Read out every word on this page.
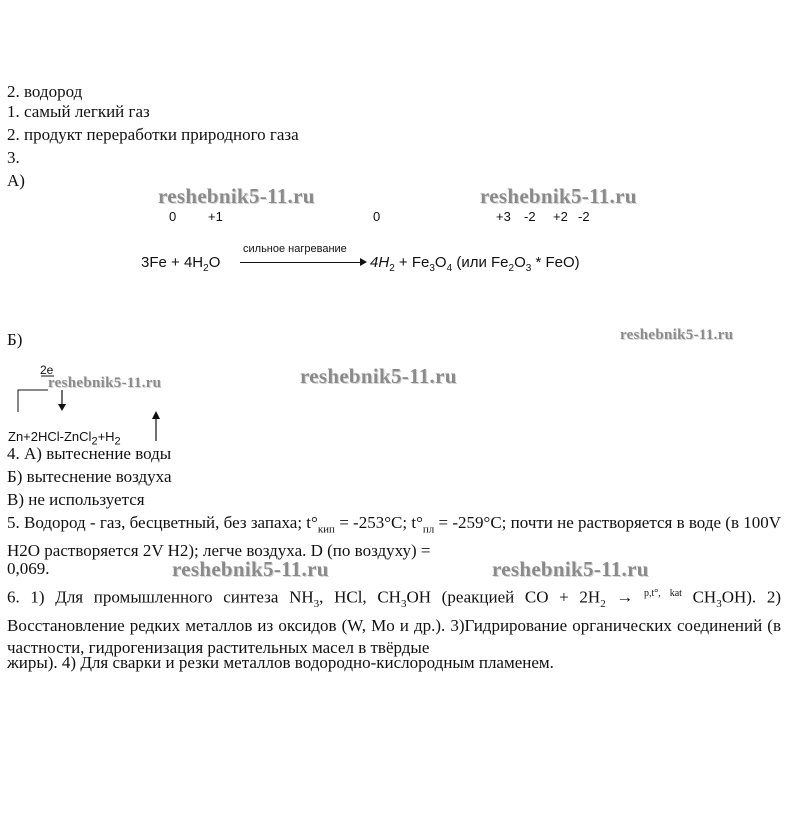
2. водород
1. самый легкий газ
2. продукт переработки природного газа
3.
А)
reshebnik5-11.ru	reshebnik5-11.ru
reshebnik5-11.ru
reshebnik5-11.ru
reshebnik5-11.ru
reshebnik5-11.ru	reshebnik5-11.ru
0 +1	0	+3 -2 +2 -2
сильное нагревание
$3Fe + 4H_2O$	$4H_2 + Fe_3O_4$ (или $Fe_2O_3 * FeO$)
Б)
2e
$Zn+2HCl-ZnCl_2+H_2$
4. А) вытеснение воды
Б) вытеснение воздуха
В) не используется
5. Водород - газ, бесцветный, без запаха; $t^\circ_{кип} = -253^\circ C$; $t^\circ_{пл} = -259^\circ C$; почти не растворяется в воде (в 100V H2O растворяется 2V H2); легче воздуха. D (по воздуху) =
0,069.
6. 1) Для промышленного синтеза $NH_3$, HCl, $CH_3OH$ (реакцией CO + $2H_2 \to ^{p,t^\circ, kat}$ $CH_3OH$). 2) Восстановление редких металлов из оксидов (W, Mo и др.). 3)Гидрирование органических соединений (в частности, гидрогенизация растительных масел в твёрдые
жиры). 4) Для сварки и резки металлов водородно-кислородным пламенем.
